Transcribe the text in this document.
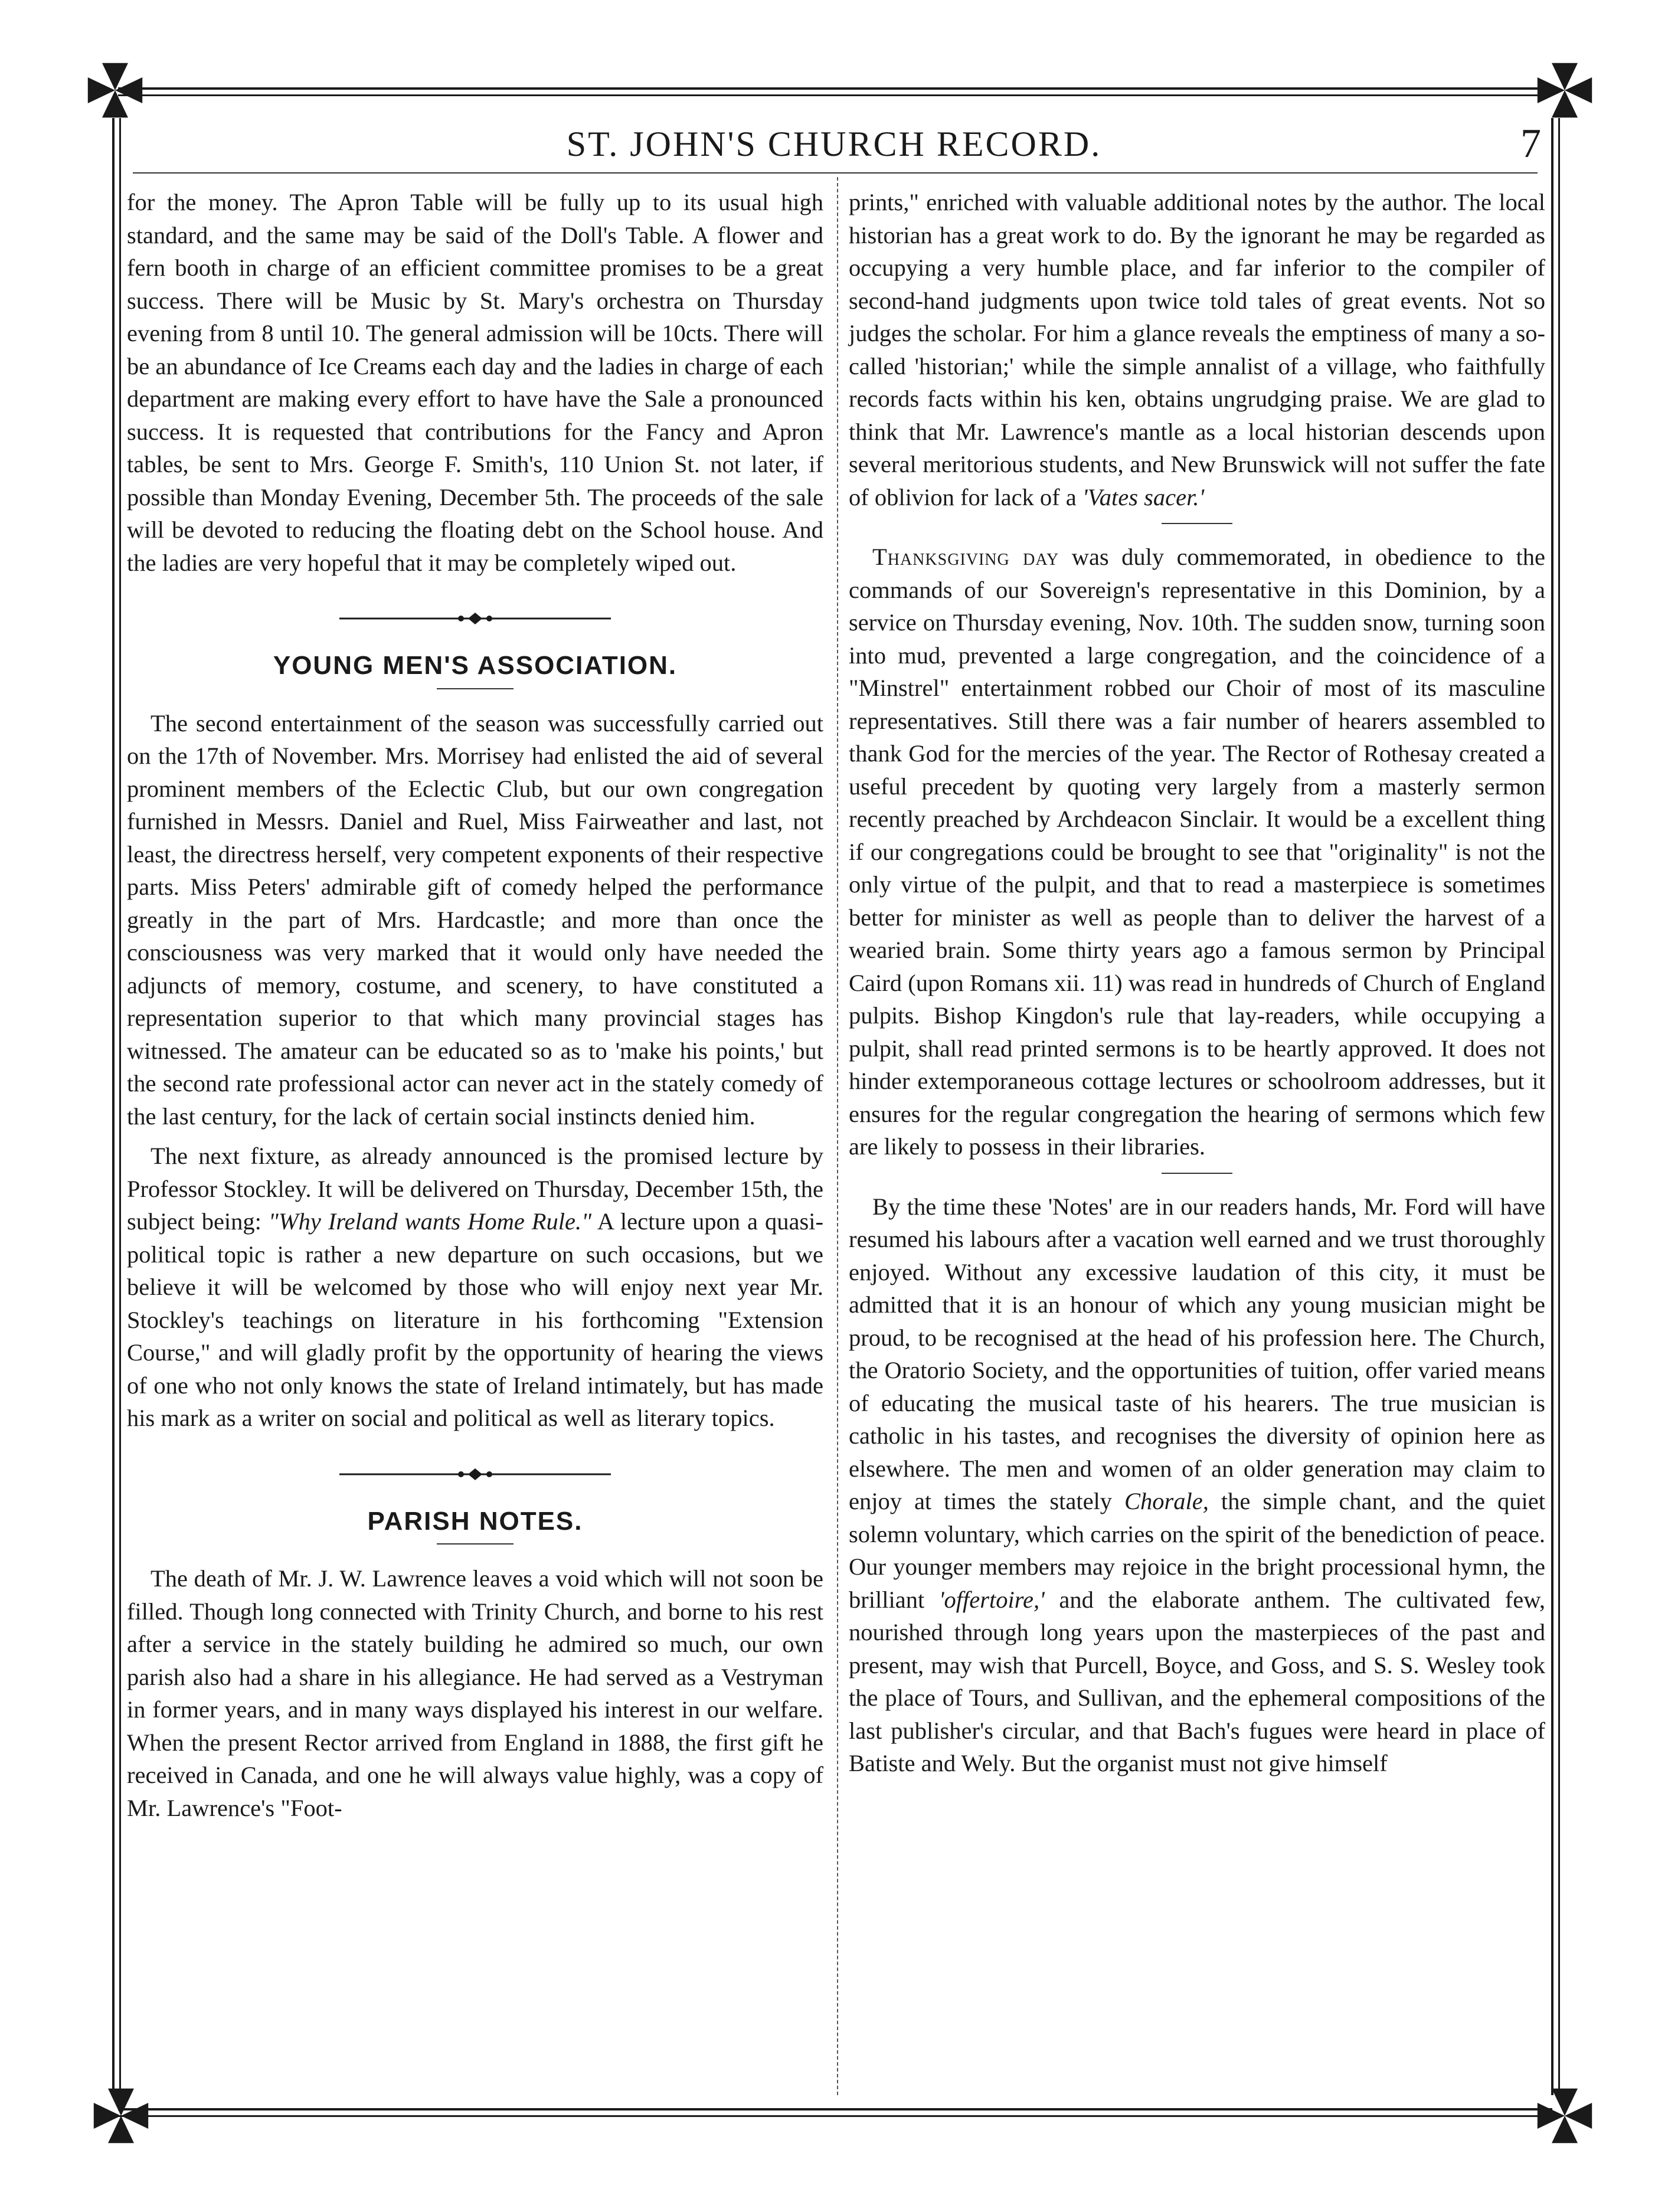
ST. JOHN'S CHURCH RECORD.	7

for the money. The Apron Table will be fully up to its usual high standard, and the same may be said of the Doll's Table. A flower and fern booth in charge of an efficient committee promises to be a great success. There will be Music by St. Mary's orchestra on Thursday evening from 8 until 10. The general admission will be 10cts. There will be an abundance of Ice Creams each day and the ladies in charge of each department are making every effort to have have the Sale a pronounced success. It is requested that contributions for the Fancy and Apron tables, be sent to Mrs. George F. Smith's, 110 Union St. not later, if possible than Monday Evening, December 5th. The proceeds of the sale will be devoted to reducing the floating debt on the School house. And the ladies are very hopeful that it may be completely wiped out.

YOUNG MEN'S ASSOCIATION.

The second entertainment of the season was successfully carried out on the 17th of November. Mrs. Morrisey had enlisted the aid of several prominent members of the Eclectic Club, but our own congregation furnished in Messrs. Daniel and Ruel, Miss Fairweather and last, not least, the directress herself, very competent exponents of their respective parts. Miss Peters' admirable gift of comedy helped the performance greatly in the part of Mrs. Hardcastle; and more than once the consciousness was very marked that it would only have needed the adjuncts of memory, costume, and scenery, to have constituted a representation superior to that which many provincial stages has witnessed. The amateur can be educated so as to 'make his points,' but the second rate professional actor can never act in the stately comedy of the last century, for the lack of certain social instincts denied him.

The next fixture, as already announced is the promised lecture by Professor Stockley. It will be delivered on Thursday, December 15th, the subject being: "Why Ireland wants Home Rule." A lecture upon a quasi-political topic is rather a new departure on such occasions, but we believe it will be welcomed by those who will enjoy next year Mr. Stockley's teachings on literature in his forthcoming "Extension Course," and will gladly profit by the opportunity of hearing the views of one who not only knows the state of Ireland intimately, but has made his mark as a writer on social and political as well as literary topics.

PARISH NOTES.

The death of Mr. J. W. Lawrence leaves a void which will not soon be filled. Though long connected with Trinity Church, and borne to his rest after a service in the stately building he admired so much, our own parish also had a share in his allegiance. He had served as a Vestryman in former years, and in many ways displayed his interest in our welfare. When the present Rector arrived from England in 1888, the first gift he received in Canada, and one he will always value highly, was a copy of Mr. Lawrence's "Foot-

prints," enriched with valuable additional notes by the author. The local historian has a great work to do. By the ignorant he may be regarded as occupying a very humble place, and far inferior to the compiler of second-hand judgments upon twice told tales of great events. Not so judges the scholar. For him a glance reveals the emptiness of many a so-called 'historian;' while the simple annalist of a village, who faithfully records facts within his ken, obtains ungrudging praise. We are glad to think that Mr. Lawrence's mantle as a local historian descends upon several meritorious students, and New Brunswick will not suffer the fate of oblivion for lack of a 'Vates sacer.'

Thanksgiving day was duly commemorated, in obedience to the commands of our Sovereign's representative in this Dominion, by a service on Thursday evening, Nov. 10th. The sudden snow, turning soon into mud, prevented a large congregation, and the coincidence of a "Minstrel" entertainment robbed our Choir of most of its masculine representatives. Still there was a fair number of hearers assembled to thank God for the mercies of the year. The Rector of Rothesay created a useful precedent by quoting very largely from a masterly sermon recently preached by Archdeacon Sinclair. It would be a excellent thing if our congregations could be brought to see that "originality" is not the only virtue of the pulpit, and that to read a masterpiece is sometimes better for minister as well as people than to deliver the harvest of a wearied brain. Some thirty years ago a famous sermon by Principal Caird (upon Romans xii. 11) was read in hundreds of Church of England pulpits. Bishop Kingdon's rule that lay-readers, while occupying a pulpit, shall read printed sermons is to be heartly approved. It does not hinder extemporaneous cottage lectures or schoolroom addresses, but it ensures for the regular congregation the hearing of sermons which few are likely to possess in their libraries.

By the time these 'Notes' are in our readers hands, Mr. Ford will have resumed his labours after a vacation well earned and we trust thoroughly enjoyed. Without any excessive laudation of this city, it must be admitted that it is an honour of which any young musician might be proud, to be recognised at the head of his profession here. The Church, the Oratorio Society, and the opportunities of tuition, offer varied means of educating the musical taste of his hearers. The true musician is catholic in his tastes, and recognises the diversity of opinion here as elsewhere. The men and women of an older generation may claim to enjoy at times the stately Chorale, the simple chant, and the quiet solemn voluntary, which carries on the spirit of the benediction of peace. Our younger members may rejoice in the bright processional hymn, the brilliant 'offertoire,' and the elaborate anthem. The cultivated few, nourished through long years upon the masterpieces of the past and present, may wish that Purcell, Boyce, and Goss, and S. S. Wesley took the place of Tours, and Sullivan, and the ephemeral compositions of the last publisher's circular, and that Bach's fugues were heard in place of Batiste and Wely. But the organist must not give himself
